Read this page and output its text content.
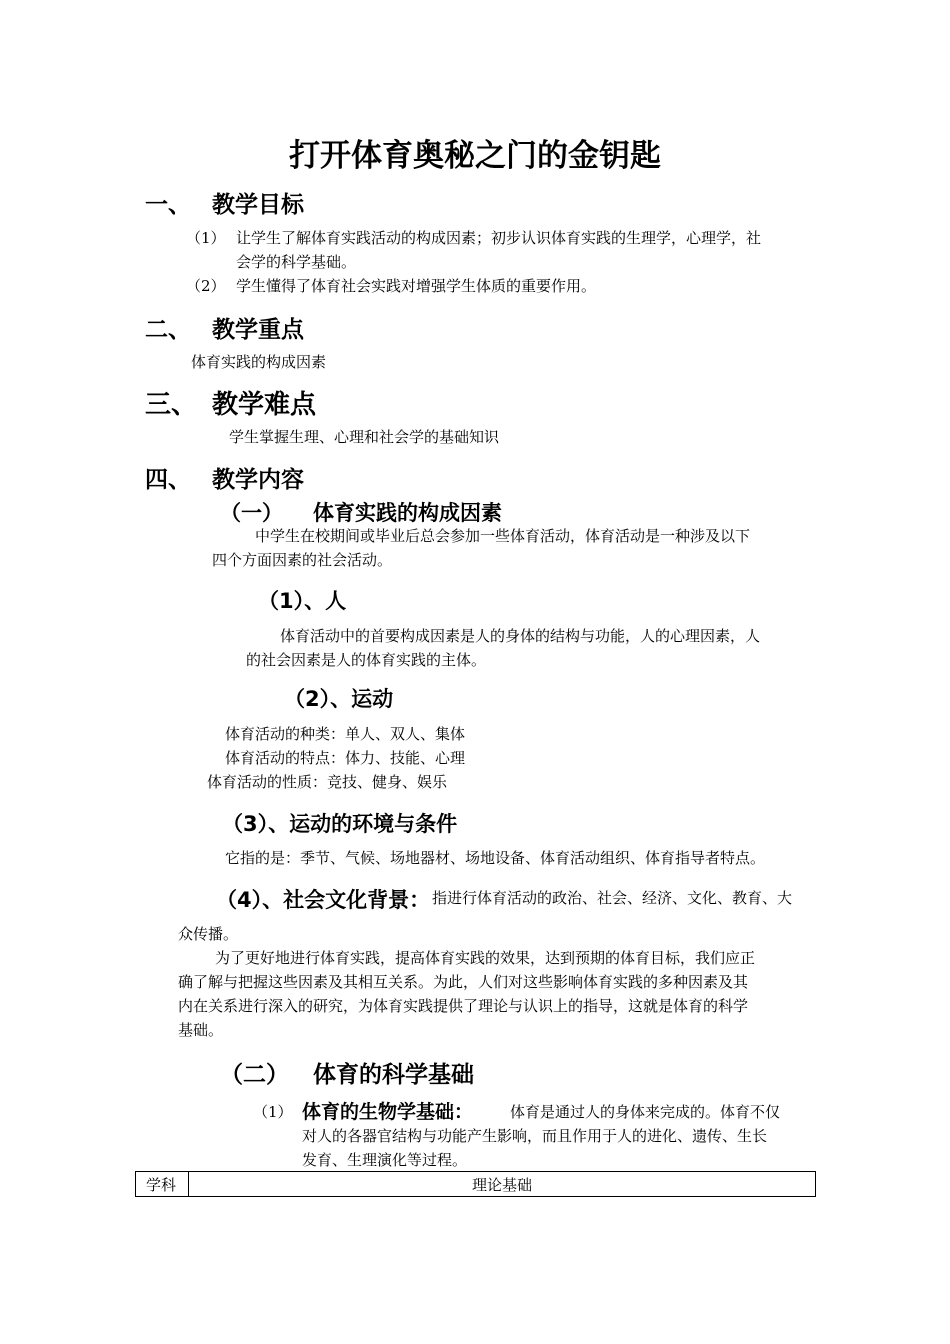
打开体育奥秘之门的金钥匙
一、 教学目标
（1） 让学生了解体育实践活动的构成因素；初步认识体育实践的生理学，心理学，社
会学的科学基础。
（2） 学生懂得了体育社会实践对增强学生体质的重要作用。
二、 教学重点
体育实践的构成因素
三、 教学难点
学生掌握生理、心理和社会学的基础知识
四、 教学内容
（一） 体育实践的构成因素
中学生在校期间或毕业后总会参加一些体育活动，体育活动是一种涉及以下
四个方面因素的社会活动。
（1）、人
体育活动中的首要构成因素是人的身体的结构与功能，人的心理因素，人
的社会因素是人的体育实践的主体。
（2）、运动
体育活动的种类：单人、双人、集体
体育活动的特点：体力、技能、心理
体育活动的性质：竞技、健身、娱乐
（3）、运动的环境与条件
它指的是：季节、气候、场地器材、场地设备、体育活动组织、体育指导者特点。
（4）、社会文化背景： 指进行体育活动的政治、社会、经济、文化、教育、大
众传播。
为了更好地进行体育实践，提高体育实践的效果，达到预期的体育目标，我们应正
确了解与把握这些因素及其相互关系。为此，人们对这些影响体育实践的多种因素及其
内在关系进行深入的研究，为体育实践提供了理论与认识上的指导，这就是体育的科学
基础。
（二） 体育的科学基础
（1） 体育的生物学基础： 体育是通过人的身体来完成的。体育不仅
对人的各器官结构与功能产生影响，而且作用于人的进化、遗传、生长
发育、生理演化等过程。
学科	理论基础
